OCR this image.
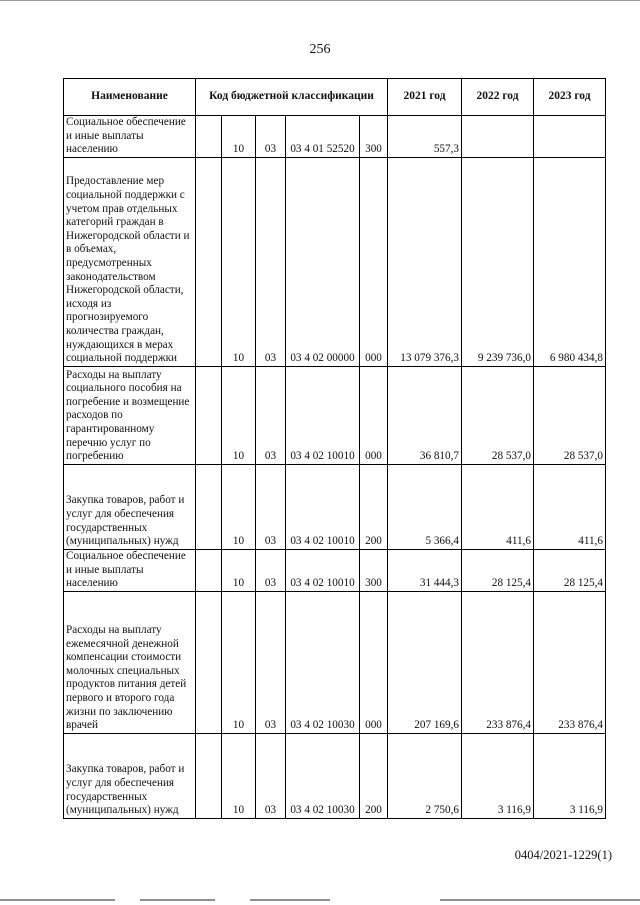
256
Наименование	Код бюджетной классификации					2021 год	2022 год	2023 год
Социальное обеспечение и иные выплаты населению		10	03	03 4 01 52520	300	557,3		
Предоставление мер социальной поддержки с учетом прав отдельных категорий граждан в Нижегородской области и в объемах, предусмотренных законодательством Нижегородской области, исходя из прогнозируемого количества граждан, нуждающихся в мерах социальной поддержки		10	03	03 4 02 00000	000	13 079 376,3	9 239 736,0	6 980 434,8
Расходы на выплату социального пособия на погребение и возмещение расходов по гарантированному перечню услуг по погребению		10	03	03 4 02 10010	000	36 810,7	28 537,0	28 537,0
Закупка товаров, работ и услуг для обеспечения государственных (муниципальных) нужд		10	03	03 4 02 10010	200	5 366,4	411,6	411,6
Социальное обеспечение и иные выплаты населению		10	03	03 4 02 10010	300	31 444,3	28 125,4	28 125,4
Расходы на выплату ежемесячной денежной компенсации стоимости молочных специальных продуктов питания детей первого и второго года жизни по заключению врачей		10	03	03 4 02 10030	000	207 169,6	233 876,4	233 876,4
Закупка товаров, работ и услуг для обеспечения государственных (муниципальных) нужд		10	03	03 4 02 10030	200	2 750,6	3 116,9	3 116,9
0404/2021-1229(1)
